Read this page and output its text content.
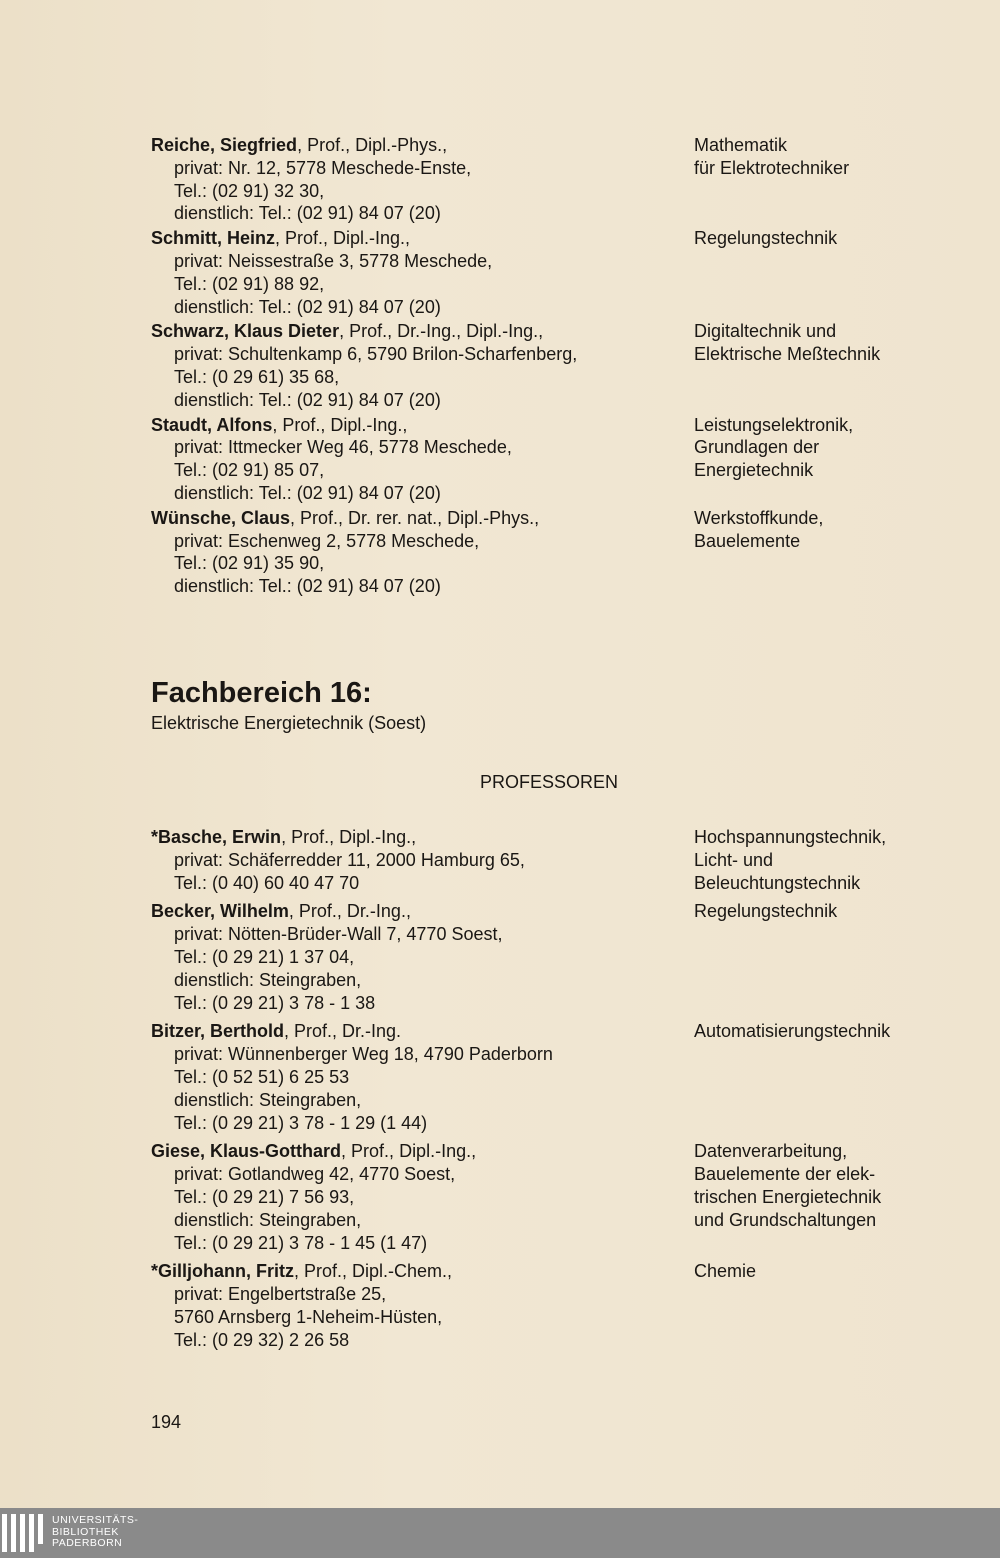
Reiche, Siegfried, Prof., Dipl.-Phys.,
privat: Nr. 12, 5778 Meschede-Enste,
Tel.: (02 91) 32 30,
dienstlich: Tel.: (02 91) 84 07 (20)
Mathematik
für Elektrotechniker
Schmitt, Heinz, Prof., Dipl.-Ing.,
privat: Neissestraße 3, 5778 Meschede,
Tel.: (02 91) 88 92,
dienstlich: Tel.: (02 91) 84 07 (20)
Regelungstechnik
Schwarz, Klaus Dieter, Prof., Dr.-Ing., Dipl.-Ing.,
privat: Schultenkamp 6, 5790 Brilon-Scharfenberg,
Tel.: (0 29 61) 35 68,
dienstlich: Tel.: (02 91) 84 07 (20)
Digitaltechnik und
Elektrische Meßtechnik
Staudt, Alfons, Prof., Dipl.-Ing.,
privat: Ittmecker Weg 46, 5778 Meschede,
Tel.: (02 91) 85 07,
dienstlich: Tel.: (02 91) 84 07 (20)
Leistungselektronik,
Grundlagen der
Energietechnik
Wünsche, Claus, Prof., Dr. rer. nat., Dipl.-Phys.,
privat: Eschenweg 2, 5778 Meschede,
Tel.: (02 91) 35 90,
dienstlich: Tel.: (02 91) 84 07 (20)
Werkstoffkunde,
Bauelemente
Fachbereich 16:
Elektrische Energietechnik (Soest)
PROFESSOREN
*Basche, Erwin, Prof., Dipl.-Ing.,
privat: Schäferredder 11, 2000 Hamburg 65,
Tel.: (0 40) 60 40 47 70
Hochspannungstechnik,
Licht- und
Beleuchtungstechnik
Becker, Wilhelm, Prof., Dr.-Ing.,
privat: Nötten-Brüder-Wall 7, 4770 Soest,
Tel.: (0 29 21) 1 37 04,
dienstlich: Steingraben,
Tel.: (0 29 21) 3 78 - 1 38
Regelungstechnik
Bitzer, Berthold, Prof., Dr.-Ing.
privat: Wünnenberger Weg 18, 4790 Paderborn
Tel.: (0 52 51) 6 25 53
dienstlich: Steingraben,
Tel.: (0 29 21) 3 78 - 1 29 (1 44)
Automatisierungstechnik
Giese, Klaus-Gotthard, Prof., Dipl.-Ing.,
privat: Gotlandweg 42, 4770 Soest,
Tel.: (0 29 21) 7 56 93,
dienstlich: Steingraben,
Tel.: (0 29 21) 3 78 - 1 45 (1 47)
Datenverarbeitung,
Bauelemente der elek-
trischen Energietechnik
und Grundschaltungen
*Gilljohann, Fritz, Prof., Dipl.-Chem.,
privat: Engelbertstraße 25,
5760 Arnsberg 1-Neheim-Hüsten,
Tel.: (0 29 32) 2 26 58
Chemie
194
UNIVERSITÄTS-
BIBLIOTHEK
PADERBORN
